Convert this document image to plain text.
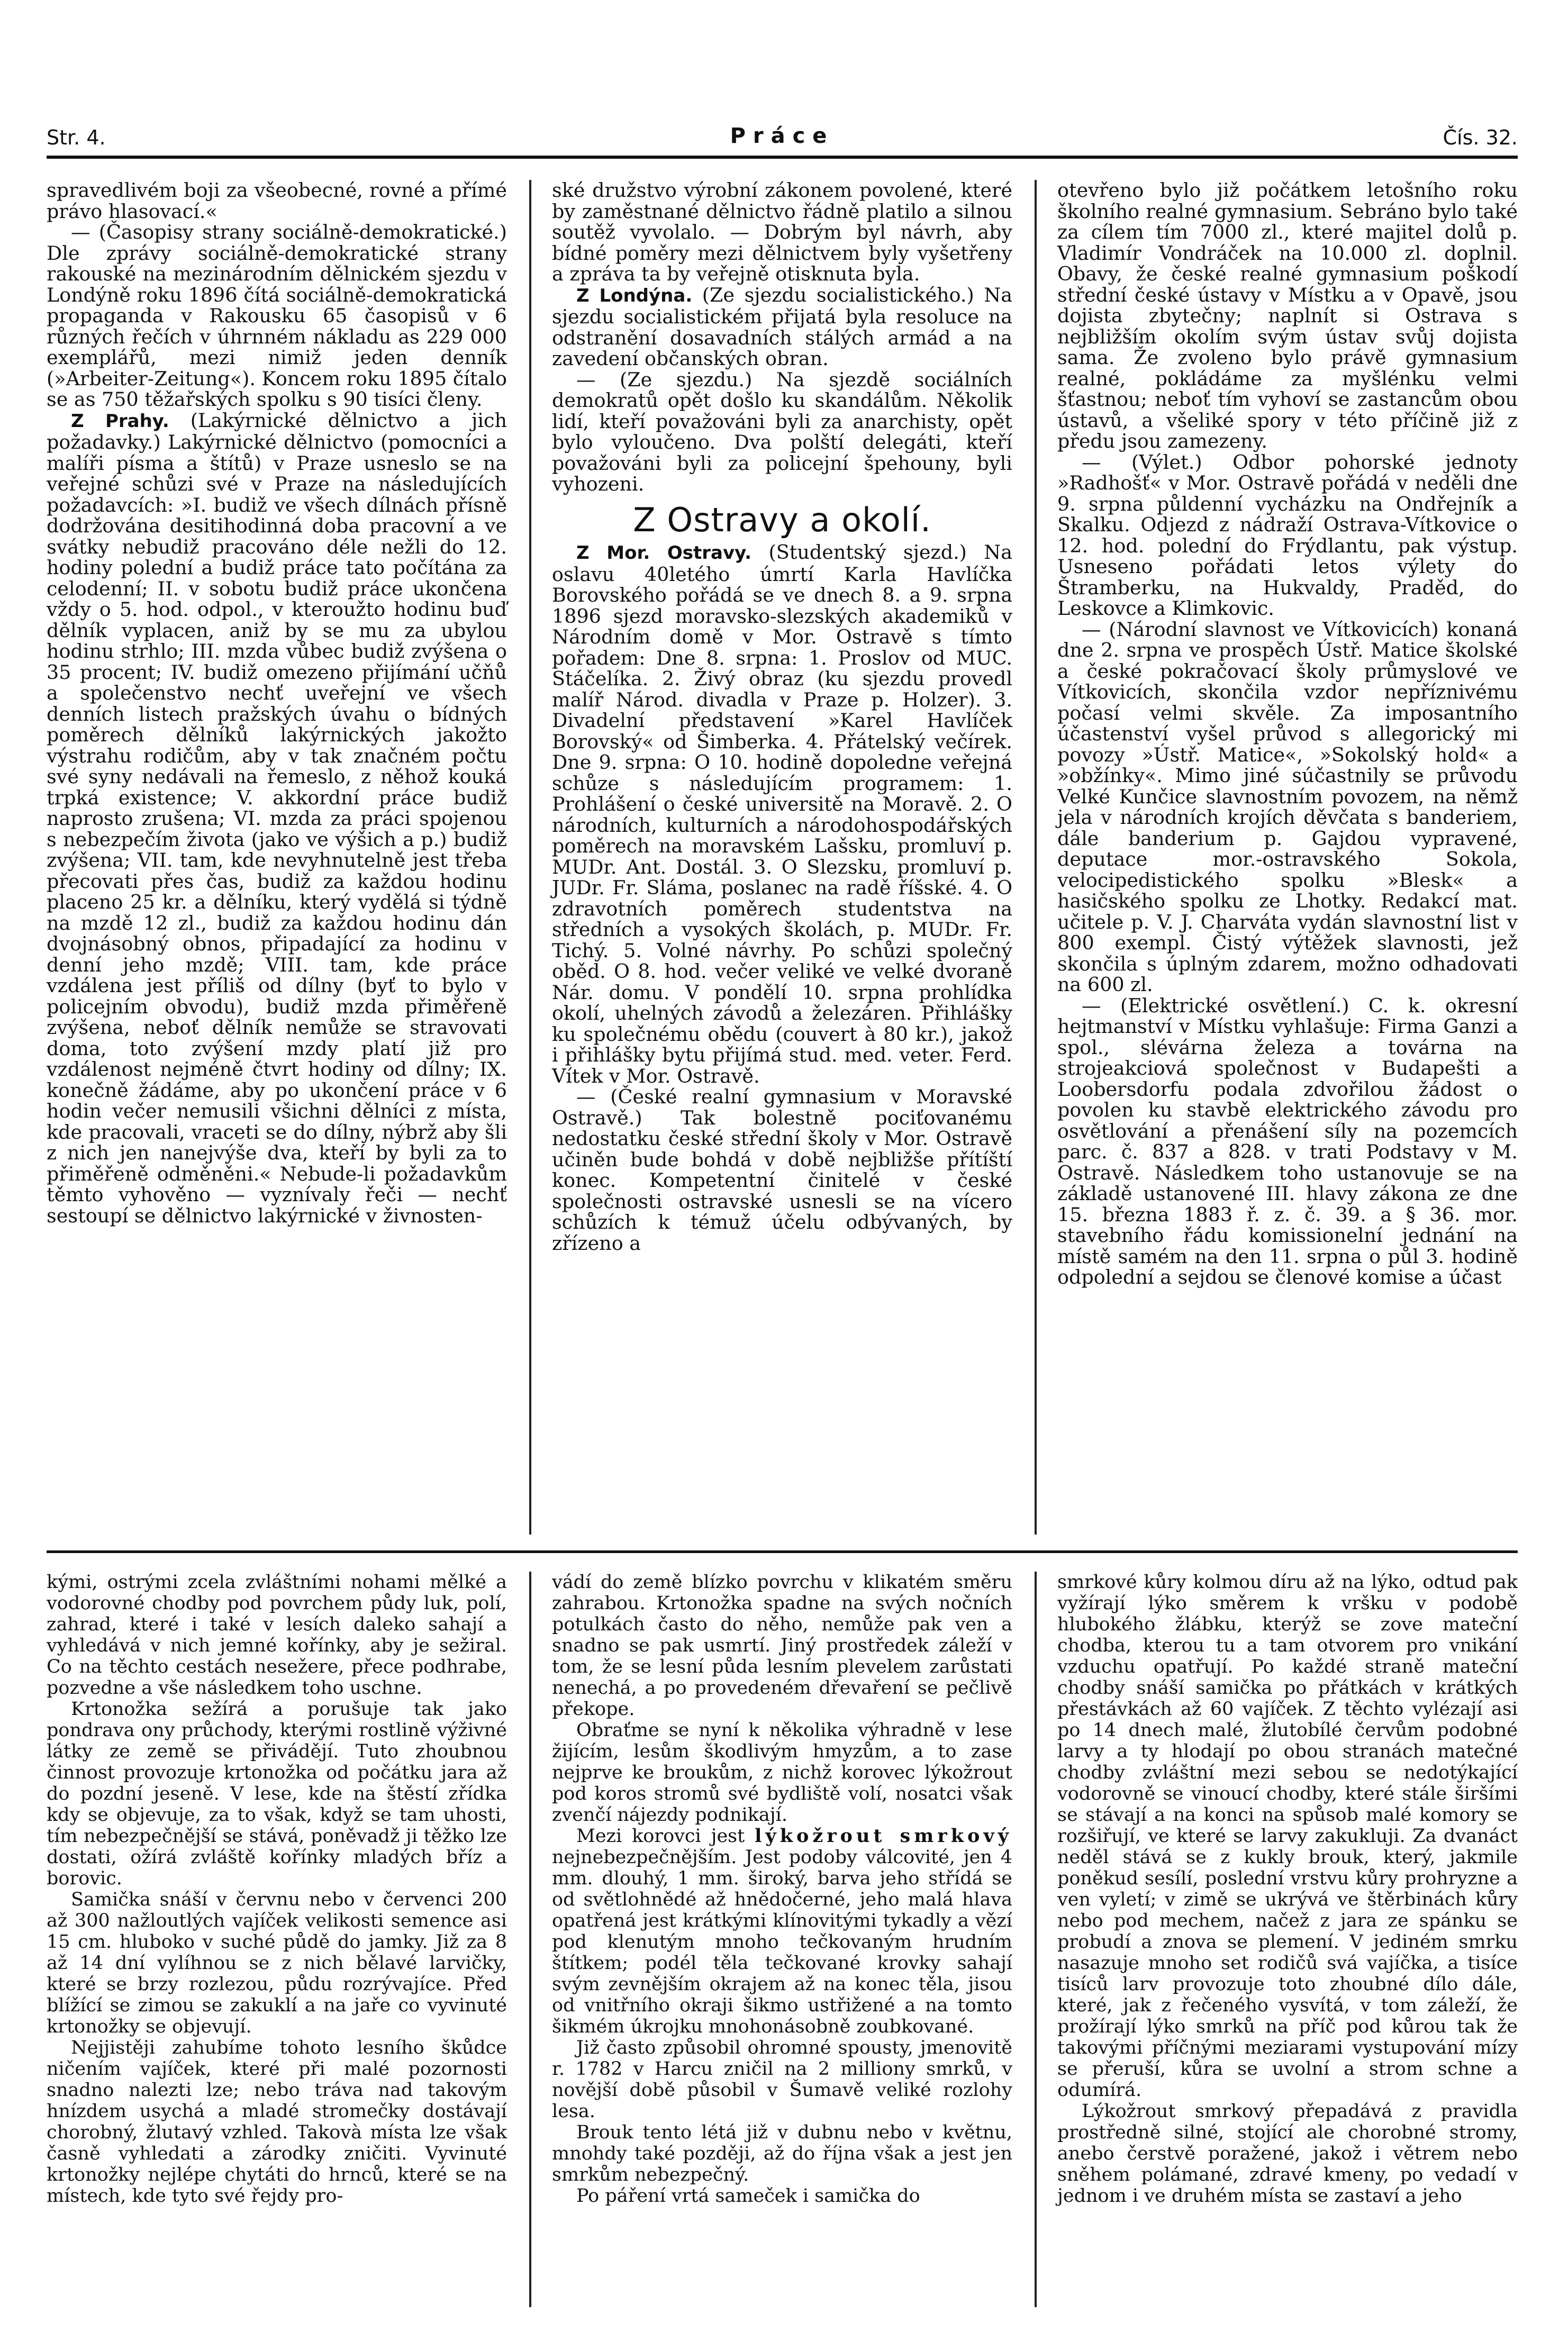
Str. 4.	Práce	Čís. 32.

spravedlivém boji za všeobecné, rovné a přímé právo hlasovací.«

— (Časopisy strany sociálně-demokratické.) Dle zprávy sociálně-demokratické strany rakouské na mezinárodním dělnickém sjezdu v Londýně roku 1896 čítá sociálně-demokratická propaganda v Rakousku 65 časopisů v 6 různých řečích v úhrnném nákladu as 229 000 exemplářů, mezi nimiž jeden denník (»Arbeiter-Zeitung«). Koncem roku 1895 čítalo se as 750 těžařských spolku s 90 tisíci členy.

Z Prahy. (Lakýrnické dělnictvo a jich požadavky.) Lakýrnické dělnictvo (pomocníci a malíři písma a štítů) v Praze usneslo se na veřejné schůzi své v Praze na následujících požadavcích: »I. budiž ve všech dílnách přísně dodržována desitihodinná doba pracovní a ve svátky nebudiž pracováno déle nežli do 12. hodiny polední a budiž práce tato počítána za celodenní; II. v sobotu budiž práce ukončena vždy o 5. hod. odpol., v kteroužto hodinu buď dělník vyplacen, aniž by se mu za ubylou hodinu strhlo; III. mzda vůbec budiž zvýšena o 35 procent; IV. budiž omezeno přijímání učňů a společenstvo nechť uveřejní ve všech denních listech pražských úvahu o bídných poměrech dělníků lakýrnických jakožto výstrahu rodičům, aby v tak značném počtu své syny nedávali na řemeslo, z něhož kouká trpká existence; V. akkordní práce budiž naprosto zrušena; VI. mzda za práci spojenou s nebezpečím života (jako ve výšich a p.) budiž zvýšena; VII. tam, kde nevyhnutelně jest třeba přecovati přes čas, budiž za každou hodinu placeno 25 kr. a dělníku, který vydělá si týdně na mzdě 12 zl., budiž za každou hodinu dán dvojnásobný obnos, připadající za hodinu v denní jeho mzdě; VIII. tam, kde práce vzdálena jest příliš od dílny (byť to bylo v policejním obvodu), budiž mzda přiměřeně zvýšena, neboť dělník nemůže se stravovati doma, toto zvýšení mzdy platí již pro vzdálenost nejméně čtvrt hodiny od dílny; IX. konečně žádáme, aby po ukončení práce v 6 hodin večer nemusili všichni dělníci z místa, kde pracovali, vraceti se do dílny, nýbrž aby šli z nich jen nanejvýše dva, kteří by byli za to přiměřeně odměněni.« Nebude-li požadavkům těmto vyhověno — vyznívaly řeči — nechť sestoupí se dělnictvo lakýrnické v živnosten-

ské družstvo výrobní zákonem povolené, které by zaměstnané dělnictvo řádně platilo a silnou soutěž vyvolalo. — Dobrým byl návrh, aby bídné poměry mezi dělnictvem byly vyšetřeny a zpráva ta by veřejně otisknuta byla.

Z Londýna. (Ze sjezdu socialistického.) Na sjezdu socialistickém přijatá byla resoluce na odstranění dosavadních stálých armád a na zavedení občanských obran.

— (Ze sjezdu.) Na sjezdě sociálních demokratů opět došlo ku skandálům. Několik lidí, kteří považováni byli za anarchisty, opět bylo vyloučeno. Dva polští delegáti, kteří považováni byli za policejní špehouny, byli vyhozeni.

Z Ostravy a okolí.

Z Mor. Ostravy. (Studentský sjezd.) Na oslavu 40letého úmrtí Karla Havlíčka Borovského pořádá se ve dnech 8. a 9. srpna 1896 sjezd moravsko-slezských akademiků v Národním domě v Mor. Ostravě s tímto pořadem: Dne 8. srpna: 1. Proslov od MUC. Stáčelíka. 2. Živý obraz (ku sjezdu provedl malíř Národ. divadla v Praze p. Holzer). 3. Divadelní představení »Karel Havlíček Borovský« od Šimberka. 4. Přátelský večírek. Dne 9. srpna: O 10. hodině dopoledne veřejná schůze s následujícím programem: 1. Prohlášení o české universitě na Moravě. 2. O národních, kulturních a národohospodářských poměrech na moravském Lašsku, promluví p. MUDr. Ant. Dostál. 3. O Slezsku, promluví p. JUDr. Fr. Sláma, poslanec na radě říšské. 4. O zdravotních poměrech studentstva na středních a vysokých školách, p. MUDr. Fr. Tichý. 5. Volné návrhy. Po schůzi společný oběd. O 8. hod. večer veliké ve velké dvoraně Nár. domu. V pondělí 10. srpna prohlídka okolí, uhelných závodů a železáren. Přihlášky ku společnému obědu (couvert à 80 kr.), jakož i přihlášky bytu přijímá stud. med. veter. Ferd. Vítek v Mor. Ostravě.

— (České realní gymnasium v Moravské Ostravě.) Tak bolestně pociťovanému nedostatku české střední školy v Mor. Ostravě učiněn bude bohdá v době nejbližše přítíští konec. Kompetentní činitelé v české společnosti ostravské usnesli se na vícero schůzích k témuž účelu odbývaných, by zřízeno a

otevřeno bylo již počátkem letošního roku školního realné gymnasium. Sebráno bylo také za cílem tím 7000 zl., které majitel dolů p. Vladimír Vondráček na 10.000 zl. doplnil. Obavy, že české realné gymnasium poškodí střední české ústavy v Místku a v Opavě, jsou dojista zbytečny; naplnít si Ostrava s nejbližším okolím svým ústav svůj dojista sama. Že zvoleno bylo právě gymnasium realné, pokládáme za myšlénku velmi šťastnou; neboť tím vyhoví se zastancům obou ústavů, a všeliké spory v této příčině již z předu jsou zamezeny.

— (Výlet.) Odbor pohorské jednoty »Radhošť« v Mor. Ostravě pořádá v neděli dne 9. srpna půldenní vycházku na Ondřejník a Skalku. Odjezd z nádraží Ostrava-Vítkovice o 12. hod. polední do Frýdlantu, pak výstup. Usneseno pořádati letos výlety do Štramberku, na Hukvaldy, Praděd, do Leskovce a Klimkovic.

— (Národní slavnost ve Vítkovicích) konaná dne 2. srpna ve prospěch Ústř. Matice školské a české pokračovací školy průmyslové ve Vítkovicích, skončila vzdor nepříznivému počasí velmi skvěle. Za imposantního účastenství vyšel průvod s allegorický mi povozy »Ústř. Matice«, »Sokolský hold« a »obžínky«. Mimo jiné súčastnily se průvodu Velké Kunčice slavnostním povozem, na němž jela v národních krojích děvčata s banderiem, dále banderium p. Gajdou vypravené, deputace mor.-ostravského Sokola, velocipedistického spolku »Blesk« a hasičského spolku ze Lhotky. Redakcí mat. učitele p. V. J. Charváta vydán slavnostní list v 800 exempl. Čistý výtěžek slavnosti, jež skončila s úplným zdarem, možno odhadovati na 600 zl.

— (Elektrické osvětlení.) C. k. okresní hejtmanství v Místku vyhlašuje: Firma Ganzi a spol., slévárna železa a továrna na strojeakciová společnost v Budapešti a Loobersdorfu podala zdvořilou žádost o povolen ku stavbě elektrického závodu pro osvětlování a přenášení síly na pozemcích parc. č. 837 a 828. v trati Podstavy v M. Ostravě. Následkem toho ustanovuje se na základě ustanovené III. hlavy zákona ze dne 15. března 1883 ř. z. č. 39. a § 36. mor. stavebního řádu komissionelní jednání na místě samém na den 11. srpna o půl 3. hodině odpolední a sejdou se členové komise a účast

kými, ostrými zcela zvláštními nohami mělké a vodorovné chodby pod povrchem půdy luk, polí, zahrad, které i také v lesích daleko sahají a vyhledává v nich jemné kořínky, aby je sežiral. Co na těchto cestách nesežere, přece podhrabe, pozvedne a vše následkem toho uschne.

Krtonožka sežírá a porušuje tak jako pondrava ony průchody, kterými rostlině výživné látky ze země se přivádějí. Tuto zhoubnou činnost provozuje krtonožka od počátku jara až do pozdní jeseně. V lese, kde na štěstí zřídka kdy se objevuje, za to však, když se tam uhosti, tím nebezpečnější se stává, poněvadž ji těžko lze dostati, ožírá zvláště kořínky mladých bříz a borovic.

Samička snáší v červnu nebo v červenci 200 až 300 nažloutlých vajíček velikosti semence asi 15 cm. hluboko v suché půdě do jamky. Již za 8 až 14 dní vylíhnou se z nich bělavé larvičky, které se brzy rozlezou, půdu rozrývajíce. Před blížící se zimou se zakuklí a na jaře co vyvinuté krtonožky se objevují.

Nejjistěji zahubíme tohoto lesního škůdce ničením vajíček, které při malé pozornosti snadno nalezti lze; nebo tráva nad takovým hnízdem usychá a mladé stromečky dostávají chorobný, žlutavý vzhled. Takovà místa lze však časně vyhledati a zárodky zničiti. Vyvinuté krtonožky nejlépe chytáti do hrnců, které se na místech, kde tyto své řejdy pro-

vádí do země blízko povrchu v klikatém směru zahrabou. Krtonožka spadne na svých nočních potulkách často do něho, nemůže pak ven a snadno se pak usmrtí. Jiný prostředek záleží v tom, že se lesní půda lesním plevelem zarůstati nenechá, a po provedeném dřevaření se pečlivě překope.

Obraťme se nyní k několika výhradně v lese žijícím, lesům škodlivým hmyzům, a to zase nejprve ke broukům, z nichž korovec lýkožrout pod koros stromů své bydliště volí, nosatci však zvenčí nájezdy podnikají.

Mezi korovci jest lýkožrout smrkový nejnebezpečnějším. Jest podoby válcovité, jen 4 mm. dlouhý, 1 mm. široký, barva jeho střídá se od světlohnědé až hnědočerné, jeho malá hlava opatřená jest krátkými klínovitými tykadly a vězí pod klenutým mnoho tečkovaným hrudním štítkem; podél těla tečkované krovky sahají svým zevnějším okrajem až na konec těla, jisou od vnitřního okraji šikmo ustřižené a na tomto šikmém úkrojku mnohonásobně zoubkované.

Již často způsobil ohromné spousty, jmenovitě r. 1782 v Harcu zničil na 2 milliony smrků, v novější době působil v Šumavě veliké rozlohy lesa.

Brouk tento létá již v dubnu nebo v květnu, mnohdy také později, až do října však a jest jen smrkům nebezpečný.

Po páření vrtá sameček i samička do

smrkové kůry kolmou díru až na lýko, odtud pak vyžírají lýko směrem k vršku v podobě hlubokého žlábku, kterýž se zove mateční chodba, kterou tu a tam otvorem pro vnikání vzduchu opatřují. Po každé straně mateční chodby snáší samička po přátkách v krátkých přestávkách až 60 vajíček. Z těchto vylézají asi po 14 dnech malé, žlutobílé červům podobné larvy a ty hlodají po obou stranách matečné chodby zvláštní mezi sebou se nedotýkající vodorovně se vinoucí chodby, které stále širšími se stávají a na konci na spůsob malé komory se rozšiřují, ve které se larvy zakukluji. Za dvanáct neděl stává se z kukly brouk, který, jakmile poněkud sesílí, poslední vrstvu kůry prohryzne a ven vyletí; v zimě se ukrývá ve štěrbinách kůry nebo pod mechem, načež z jara ze spánku se probudí a znova se plemení. V jediném smrku nasazuje mnoho set rodičů svá vajíčka, a tisíce tisíců larv provozuje toto zhoubné dílo dále, které, jak z řečeného vysvítá, v tom záleží, že prožírají lýko smrků na příč pod kůrou tak že takovými příčnými meziarami vystupování mízy se přeruší, kůra se uvolní a strom schne a odumírá.

Lýkožrout smrkový přepadává z pravidla prostředně silné, stojící ale chorobné stromy, anebo čerstvě poražené, jakož i větrem nebo sněhem polámané, zdravé kmeny, po vedadí v jednom i ve druhém místa se zastaví a jeho
